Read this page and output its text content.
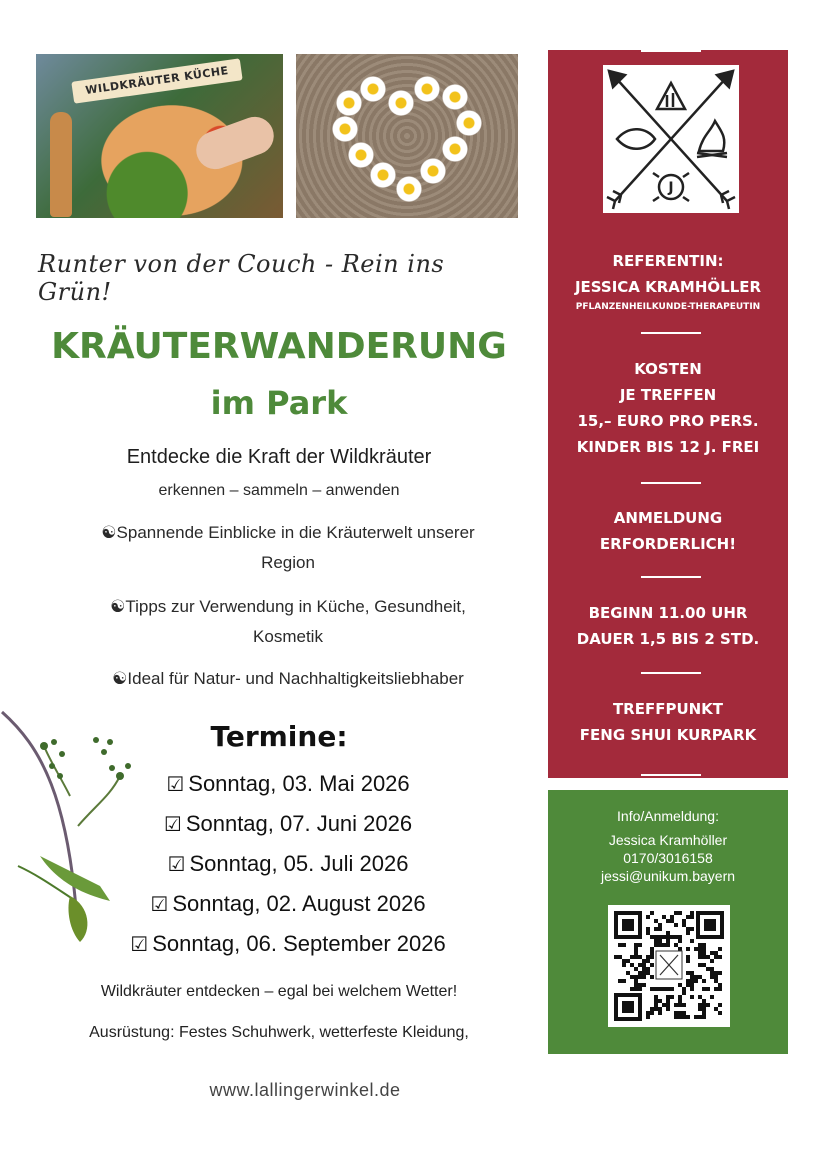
WILDKRÄUTER KÜCHE
Runter von der Couch - Rein ins Grün!
KRÄUTERWANDERUNG
im Park
Entdecke die Kraft der Wildkräuter
erkennen – sammeln – anwenden
☯Spannende Einblicke in die Kräuterwelt unserer
Region
☯Tipps zur Verwendung in Küche, Gesundheit,
Kosmetik
☯Ideal für Natur- und Nachhaltigkeitsliebhaber
Termine:
☑ Sonntag, 03. Mai 2026
☑ Sonntag, 07. Juni 2026
☑ Sonntag, 05. Juli 2026
☑ Sonntag, 02. August 2026
☑ Sonntag, 06. September 2026
Wildkräuter entdecken – egal bei welchem Wetter!
Ausrüstung: Festes Schuhwerk, wetterfeste Kleidung,
www.lallingerwinkel.de
J
REFERENTIN:
JESSICA KRAMHÖLLER
PFLANZENHEILKUNDE-THERAPEUTIN
KOSTEN
JE TREFFEN
15,– EURO PRO PERS.
KINDER BIS 12 J. FREI
ANMELDUNG
ERFORDERLICH!
BEGINN 11.00 UHR
DAUER 1,5 BIS 2 STD.
TREFFPUNKT
FENG SHUI KURPARK
Info/Anmeldung:
Jessica Kramhöller
0170/3016158
jessi@unikum.bayern
